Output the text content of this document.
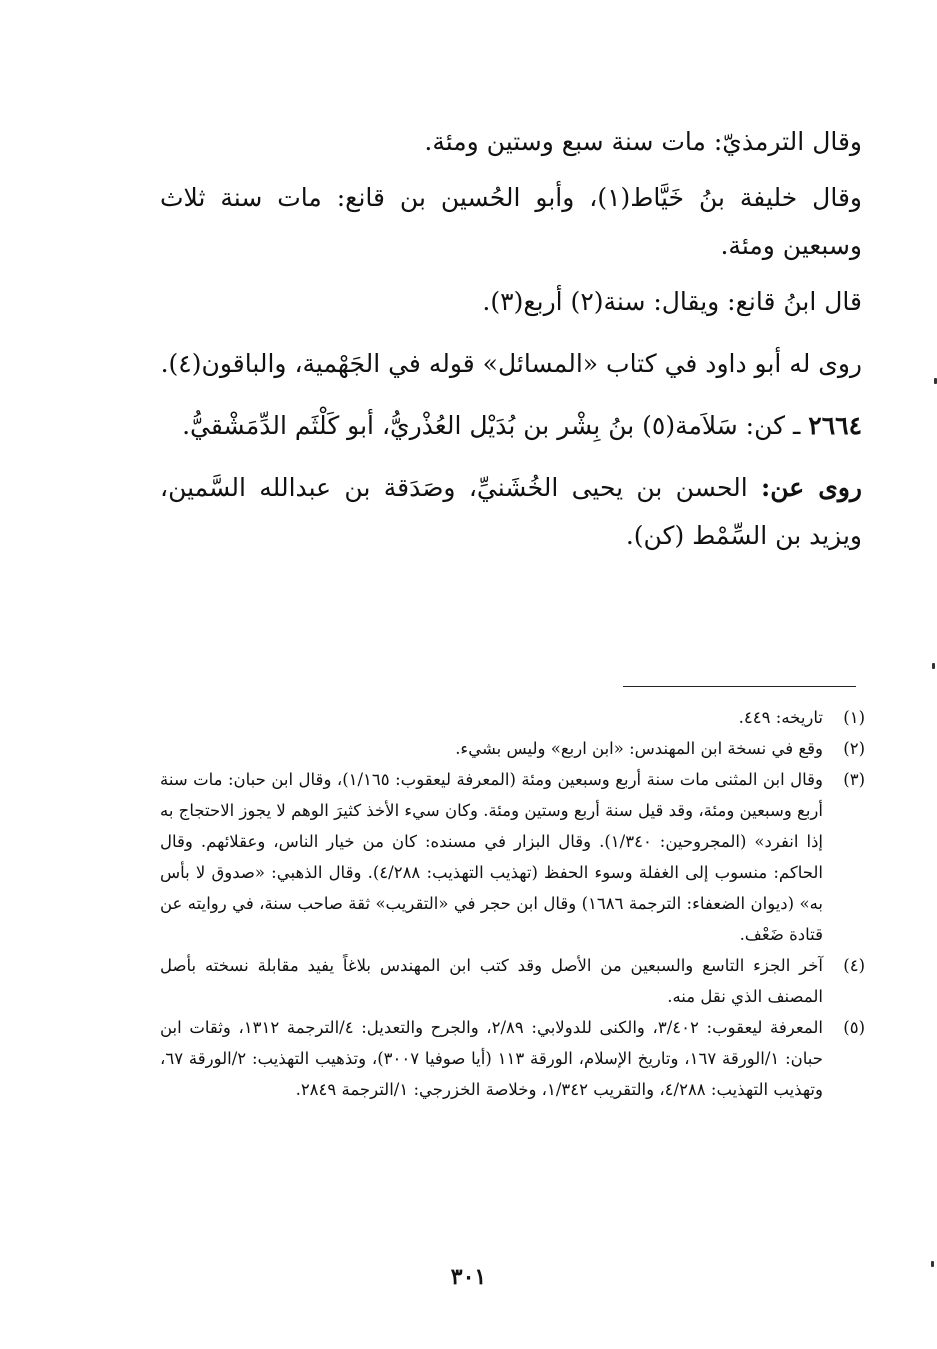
وقال الترمذيّ: مات سنة سبع وستين ومئة.

وقال خليفة بنُ خَيَّاط(١)، وأبو الحُسين بن قانع: مات سنة ثلاث وسبعين ومئة.

قال ابنُ قانع: ويقال: سنة(٢) أربع(٣).

روى له أبو داود في كتاب «المسائل» قوله في الجَهْمية، والباقون(٤).

٢٦٦٤ ـ كن: سَلاَمة(٥) بنُ بِشْر بن بُدَيْل العُذْريُّ، أبو كَلْثَم الدِّمَشْقيُّ.

روى عن: الحسن بن يحيى الخُشَنيِّ، وصَدَقة بن عبدالله السَّمين، ويزيد بن السِّمْط (كن).

(١)
تاريخه: ٤٤٩.
(٢)
وقع في نسخة ابن المهندس: «ابن اربع» وليس بشيء.
(٣)
وقال ابن المثنى مات سنة أربع وسبعين ومئة (المعرفة ليعقوب: ١/١٦٥)، وقال ابن حبان: مات سنة أربع وسبعين ومئة، وقد قيل سنة أربع وستين ومئة. وكان سيء الأخذ كثيرَ الوهم لا يجوز الاحتجاج به إذا انفرد» (المجروحين: ١/٣٤٠). وقال البزار في مسنده: كان من خيار الناس، وعقلائهم. وقال الحاكم: منسوب إلى الغفلة وسوء الحفظ (تهذيب التهذيب: ٤/٢٨٨). وقال الذهبي: «صدوق لا بأس به» (ديوان الضعفاء: الترجمة ١٦٨٦) وقال ابن حجر في «التقريب» ثقة صاحب سنة، في روايته عن قتادة ضَعْف.
(٤)
آخر الجزء التاسع والسبعين من الأصل وقد كتب ابن المهندس بلاغاً يفيد مقابلة نسخته بأصل المصنف الذي نقل منه.
(٥)
المعرفة ليعقوب: ٣/٤٠٢، والكنى للدولابي: ٢/٨٩، والجرح والتعديل: ٤/الترجمة ١٣١٢، وثقات ابن حبان: ١/الورقة ١٦٧، وتاريخ الإسلام، الورقة ١١٣ (أيا صوفيا ٣٠٠٧)، وتذهيب التهذيب: ٢/الورقة ٦٧، وتهذيب التهذيب: ٤/٢٨٨، والتقريب ١/٣٤٢، وخلاصة الخزرجي: ١/الترجمة ٢٨٤٩.
٣٠١
